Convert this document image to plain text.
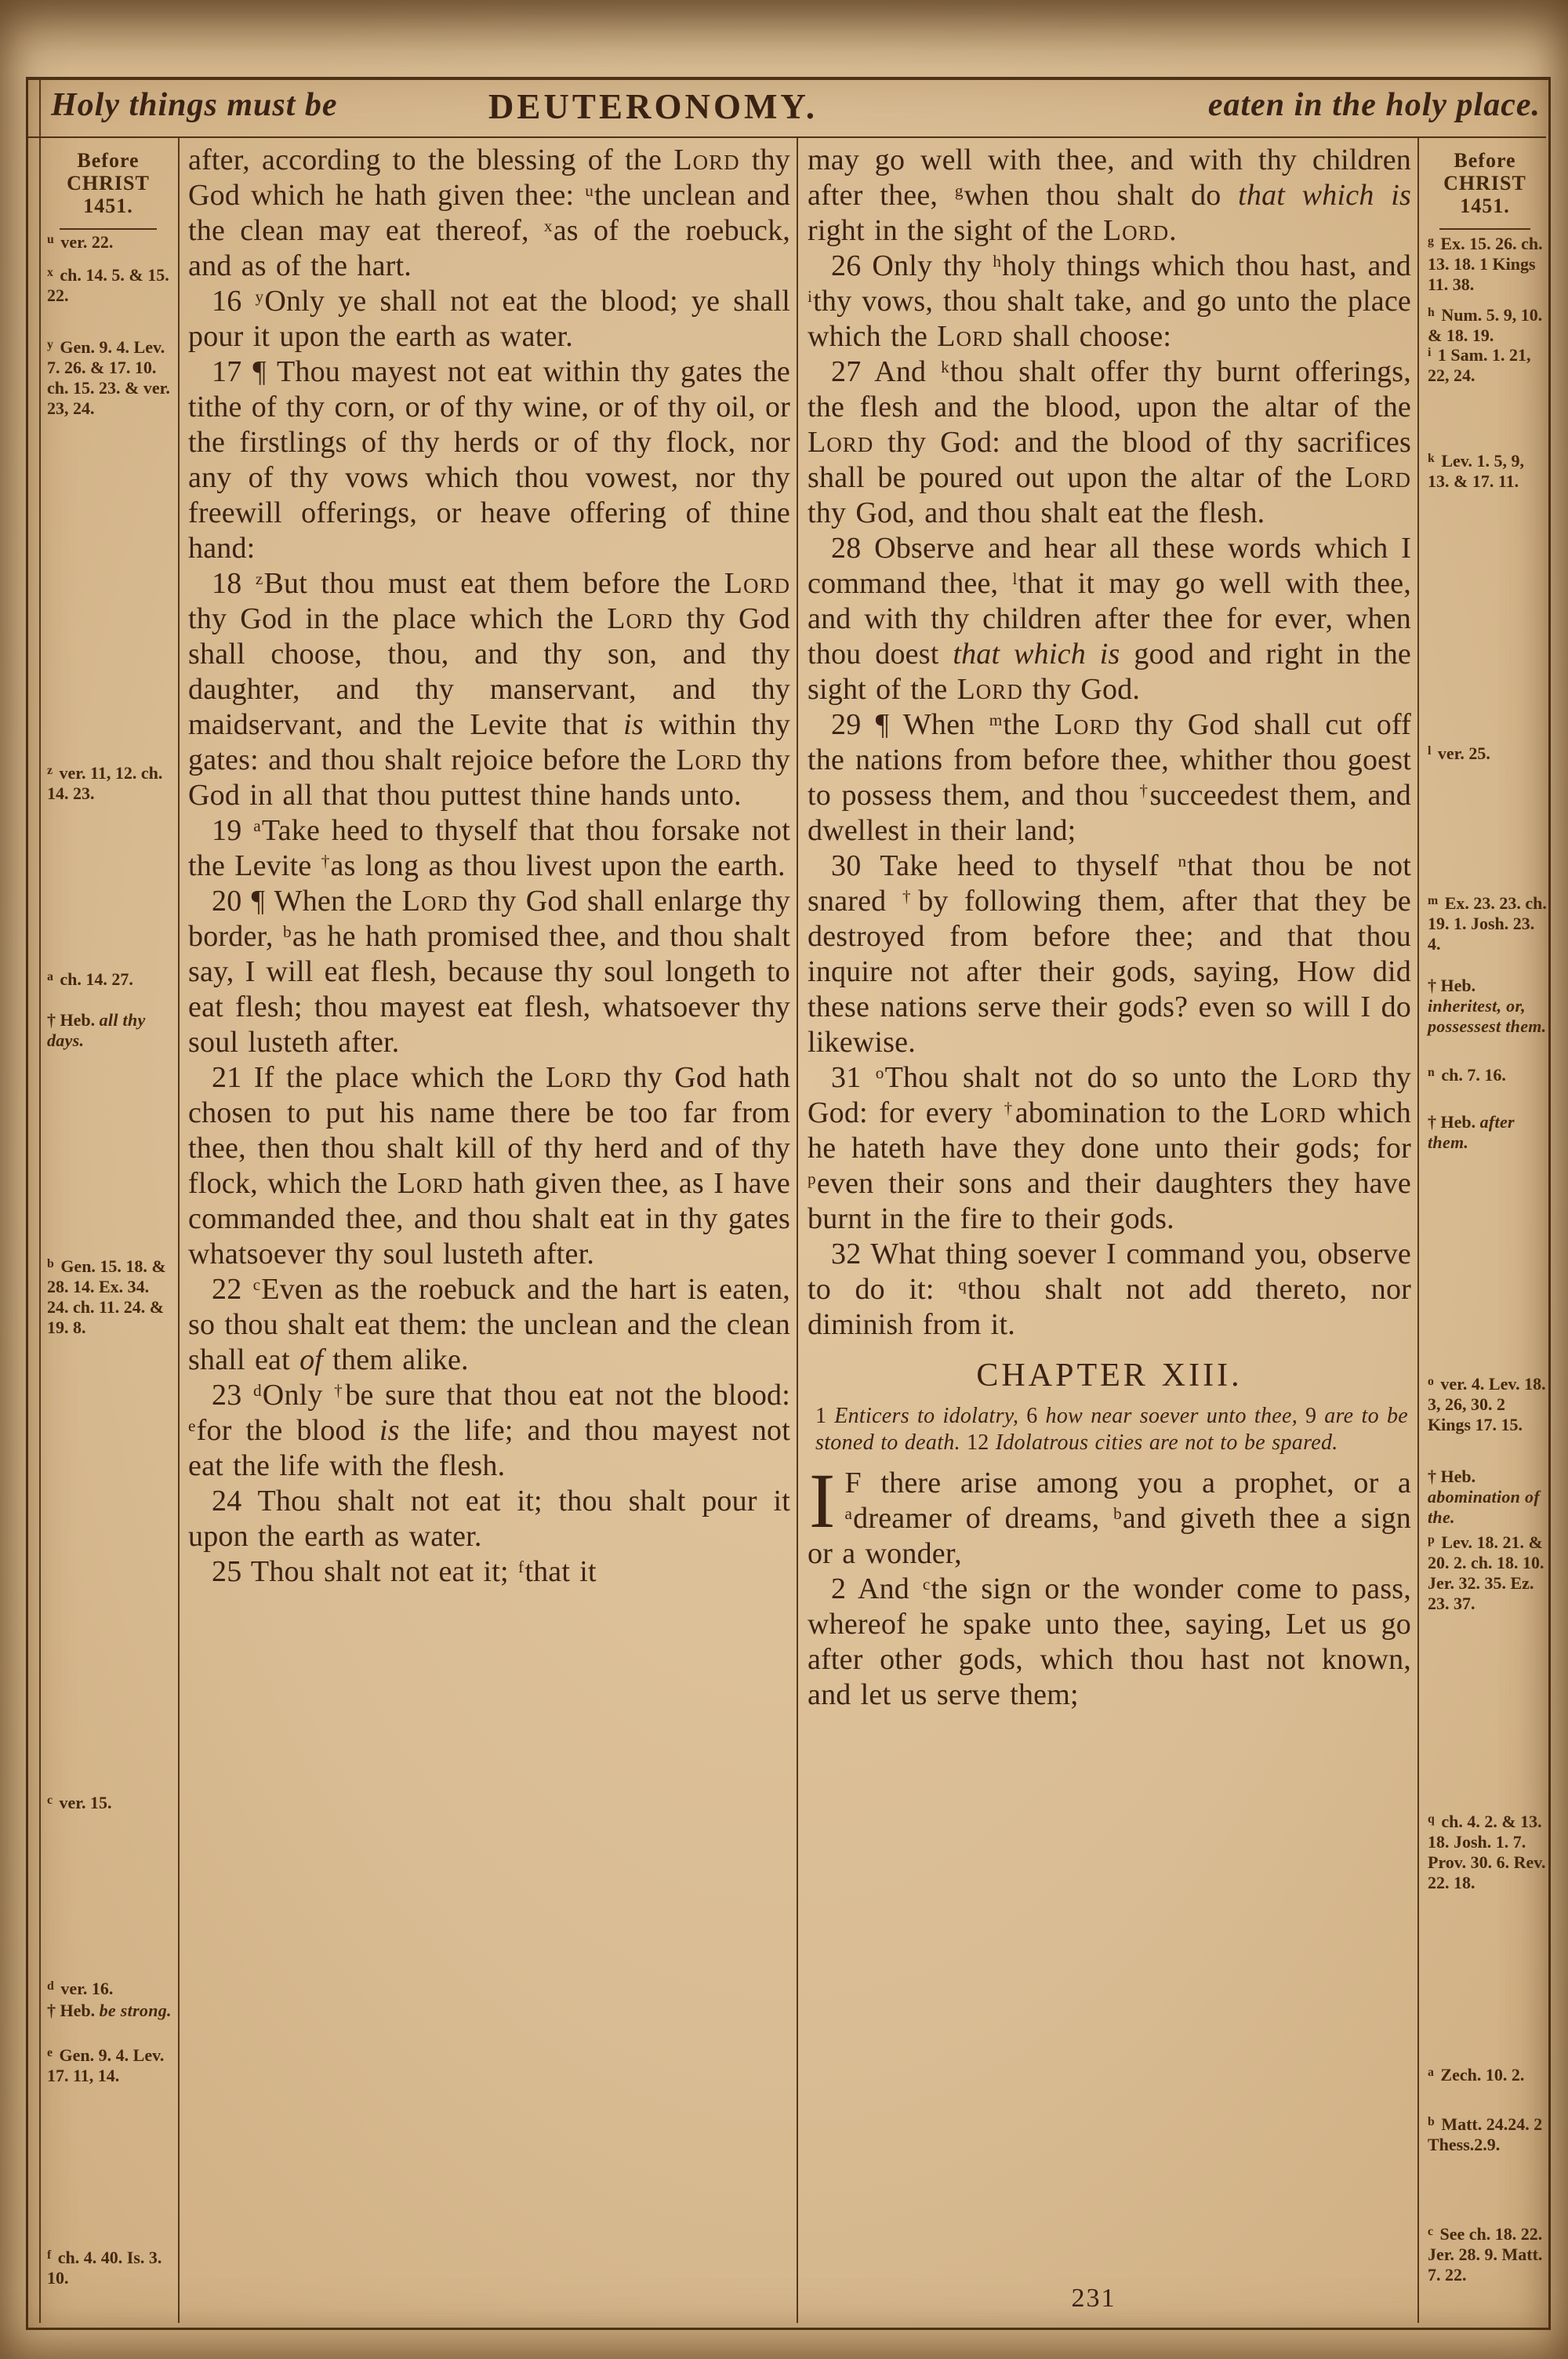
Holy things must be	DEUTERONOMY.	eaten in the holy place.
Before
CHRIST
1451.
$^u$ ver. 22.
$^x$ ch. 14. 5. & 15. 22.
$^y$ Gen. 9. 4. Lev. 7. 26. & 17. 10. ch. 15. 23. & ver. 23, 24.
$^z$ ver. 11, 12. ch. 14. 23.
$^a$ ch. 14. 27.
† Heb. all thy days.
$^b$ Gen. 15. 18. & 28. 14. Ex. 34. 24. ch. 11. 24. & 19. 8.
$^c$ ver. 15.
$^d$ ver. 16.
† Heb. be strong.
$^e$ Gen. 9. 4. Lev. 17. 11, 14.
$^f$ ch. 4. 40. Is. 3. 10.
Before
CHRIST
1451.
$^g$ Ex. 15. 26. ch. 13. 18. 1 Kings 11. 38.
$^h$ Num. 5. 9, 10. & 18. 19.
$^i$ 1 Sam. 1. 21, 22, 24.
$^k$ Lev. 1. 5, 9, 13. & 17. 11.
$^l$ ver. 25.
$^m$ Ex. 23. 23. ch. 19. 1. Josh. 23. 4.
† Heb. inheritest, or, possessest them.
$^n$ ch. 7. 16.
† Heb. after them.
$^o$ ver. 4. Lev. 18. 3, 26, 30. 2 Kings 17. 15.
† Heb. abomination of the.
$^p$ Lev. 18. 21. & 20. 2. ch. 18. 10. Jer. 32. 35. Ez. 23. 37.
$^q$ ch. 4. 2. & 13. 18. Josh. 1. 7. Prov. 30. 6. Rev. 22. 18.
$^a$ Zech. 10. 2.
$^b$ Matt. 24.24. 2 Thess.2.9.
$^c$ See ch. 18. 22. Jer. 28. 9. Matt. 7. 22.

after, according to the blessing of the Lord thy God which he hath given thee: $^u$the unclean and the clean may eat thereof, $^x$as of the roebuck, and as of the hart.

16 $^y$Only ye shall not eat the blood; ye shall pour it upon the earth as water.

17 ¶ Thou mayest not eat within thy gates the tithe of thy corn, or of thy wine, or of thy oil, or the firstlings of thy herds or of thy flock, nor any of thy vows which thou vowest, nor thy freewill offerings, or heave offering of thine hand:

18 $^z$But thou must eat them before the Lord thy God in the place which the Lord thy God shall choose, thou, and thy son, and thy daughter, and thy manservant, and thy maidservant, and the Levite that is within thy gates: and thou shalt rejoice before the Lord thy God in all that thou puttest thine hands unto.

19 $^a$Take heed to thyself that thou forsake not the Levite †as long as thou livest upon the earth.

20 ¶ When the Lord thy God shall enlarge thy border, $^b$as he hath promised thee, and thou shalt say, I will eat flesh, because thy soul longeth to eat flesh; thou mayest eat flesh, whatsoever thy soul lusteth after.

21 If the place which the Lord thy God hath chosen to put his name there be too far from thee, then thou shalt kill of thy herd and of thy flock, which the Lord hath given thee, as I have commanded thee, and thou shalt eat in thy gates whatsoever thy soul lusteth after.

22 $^c$Even as the roebuck and the hart is eaten, so thou shalt eat them: the unclean and the clean shall eat of them alike.

23 $^d$Only †be sure that thou eat not the blood: $^e$for the blood is the life; and thou mayest not eat the life with the flesh.

24 Thou shalt not eat it; thou shalt pour it upon the earth as water.

25 Thou shalt not eat it; $^f$that it

may go well with thee, and with thy children after thee, $^g$when thou shalt do that which is right in the sight of the Lord.

26 Only thy $^h$holy things which thou hast, and $^i$thy vows, thou shalt take, and go unto the place which the Lord shall choose:

27 And $^k$thou shalt offer thy burnt offerings, the flesh and the blood, upon the altar of the Lord thy God: and the blood of thy sacrifices shall be poured out upon the altar of the Lord thy God, and thou shalt eat the flesh.

28 Observe and hear all these words which I command thee, $^l$that it may go well with thee, and with thy children after thee for ever, when thou doest that which is good and right in the sight of the Lord thy God.

29 ¶ When $^m$the Lord thy God shall cut off the nations from before thee, whither thou goest to possess them, and thou †succeedest them, and dwellest in their land;

30 Take heed to thyself $^n$that thou be not snared †by following them, after that they be destroyed from before thee; and that thou inquire not after their gods, saying, How did these nations serve their gods? even so will I do likewise.

31 $^o$Thou shalt not do so unto the Lord thy God: for every †abomination to the Lord which he hateth have they done unto their gods; for $^p$even their sons and their daughters they have burnt in the fire to their gods.

32 What thing soever I command you, observe to do it: $^q$thou shalt not add thereto, nor diminish from it.

CHAPTER XIII.

1 Enticers to idolatry, 6 how near soever unto thee, 9 are to be stoned to death. 12 Idolatrous cities are not to be spared.

I F there arise among you a prophet, or a $^a$dreamer of dreams, $^b$and giveth thee a sign or a wonder,

2 And $^c$the sign or the wonder come to pass, whereof he spake unto thee, saying, Let us go after other gods, which thou hast not known, and let us serve them;

231
